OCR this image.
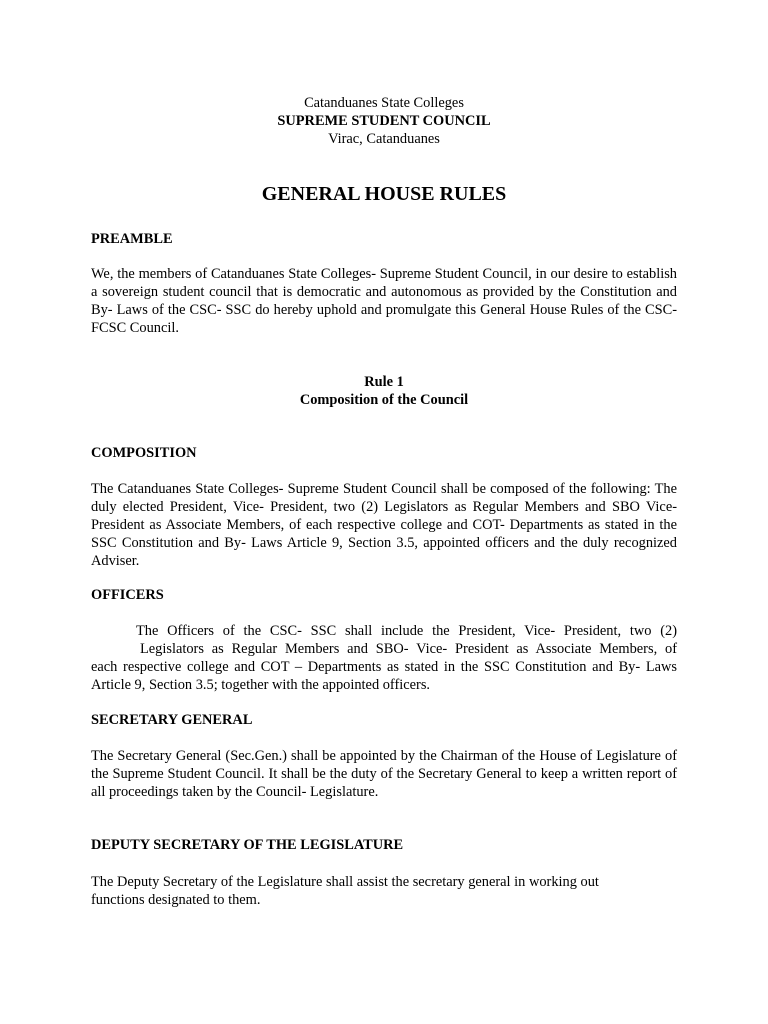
Catanduanes State Colleges
SUPREME STUDENT COUNCIL
Virac, Catanduanes
GENERAL HOUSE RULES
PREAMBLE
We, the members of Catanduanes State Colleges- Supreme Student Council, in our desire to establish a sovereign student council that is democratic and autonomous as provided by the Constitution and By- Laws of the CSC- SSC do hereby uphold and promulgate this General House Rules of the CSC- FCSC Council.
Rule 1
Composition of the Council
COMPOSITION
The Catanduanes State Colleges- Supreme Student Council shall be composed of the following: The duly elected President, Vice- President, two (2) Legislators as Regular Members and SBO Vice- President as Associate Members, of each respective college and COT- Departments as stated in the SSC Constitution and By- Laws Article 9, Section 3.5, appointed officers and the duly recognized Adviser.
OFFICERS
The Officers of the CSC- SSC shall include the President, Vice- President, two (2)
Legislators as Regular Members and SBO- Vice- President as Associate Members, of
each respective college and COT – Departments as stated in the SSC Constitution and By- Laws Article 9, Section 3.5; together with the appointed officers.
SECRETARY GENERAL
The Secretary General (Sec.Gen.) shall be appointed by the Chairman of the House of Legislature of the Supreme Student Council. It shall be the duty of the Secretary General to keep a written report of all proceedings taken by the Council- Legislature.
DEPUTY SECRETARY OF THE LEGISLATURE
The Deputy Secretary of the Legislature shall assist the secretary general in working out
functions designated to them.
